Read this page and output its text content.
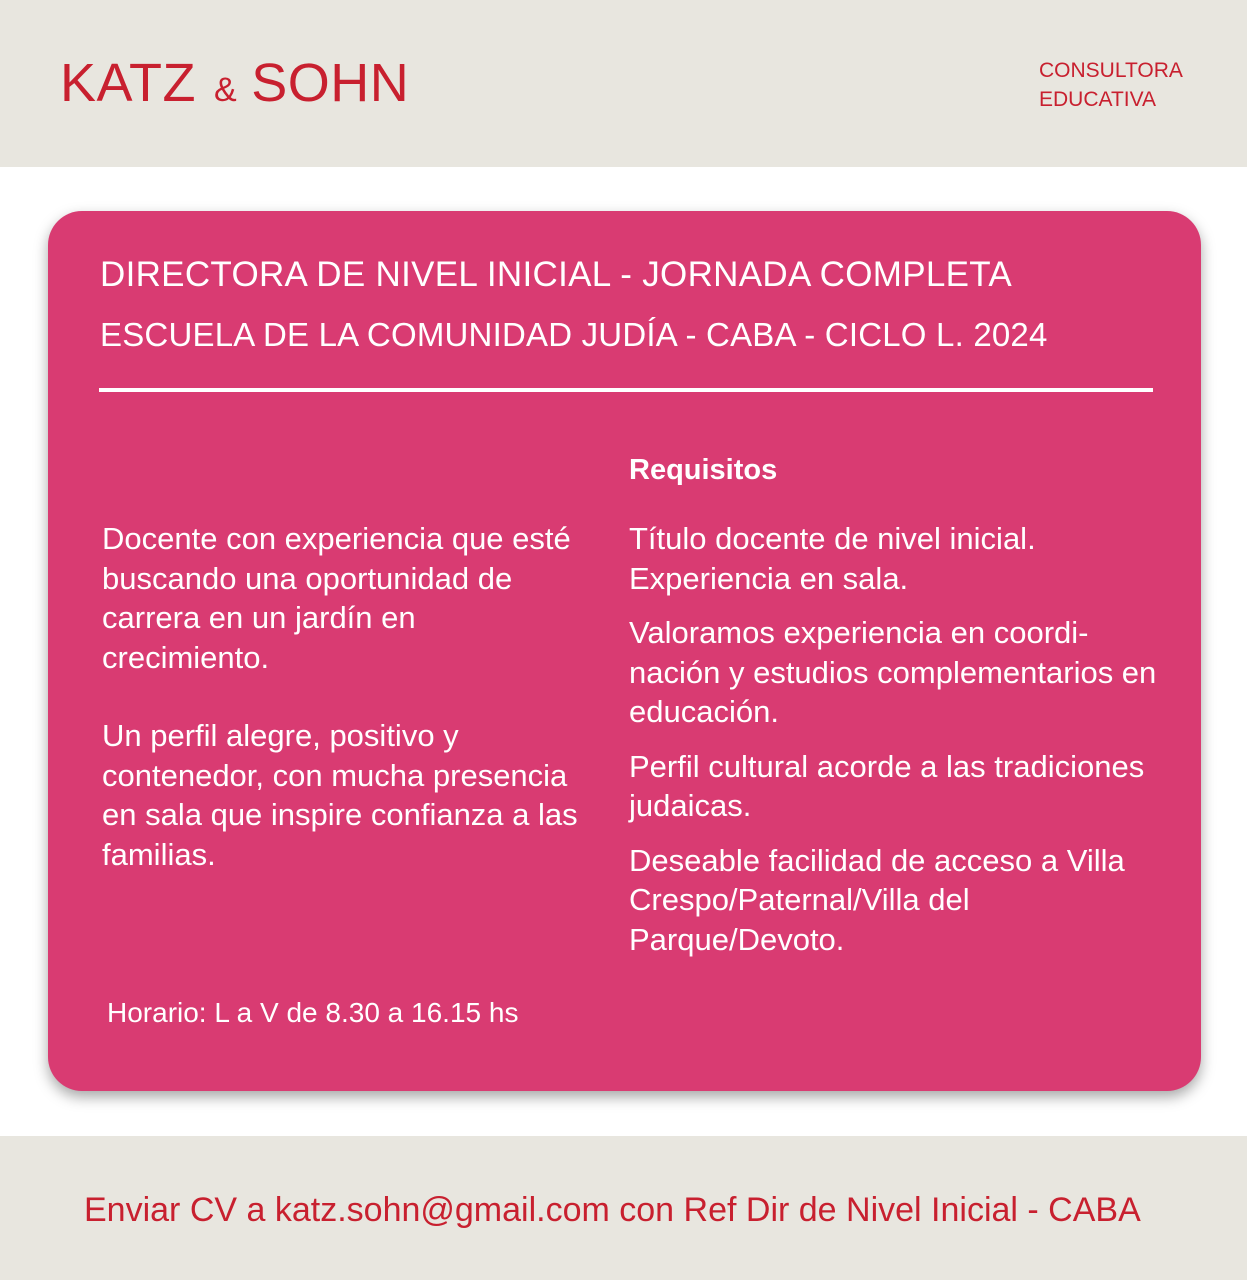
KATZ & SOHN	CONSULTORA
EDUCATIVA
DIRECTORA DE NIVEL INICIAL - JORNADA COMPLETA
ESCUELA DE LA COMUNIDAD JUDÍA - CABA - CICLO L. 2024

Docente con experiencia que esté buscando una oportunidad de carrera en un jardín en crecimiento.

Un perfil alegre, positivo y contenedor, con mucha presencia en sala que inspire confianza a las familias.

Horario: L a V de 8.30 a 16.15 hs
Requisitos

Título docente de nivel inicial. Experiencia en sala.

Valoramos experiencia en coordi- nación y estudios complementarios en educación.

Perfil cultural acorde a las tradiciones judaicas.

Deseable facilidad de acceso a Villa Crespo/Paternal/Villa del Parque/Devoto.

Enviar CV a katz.sohn@gmail.com con Ref Dir de Nivel Inicial - CABA
